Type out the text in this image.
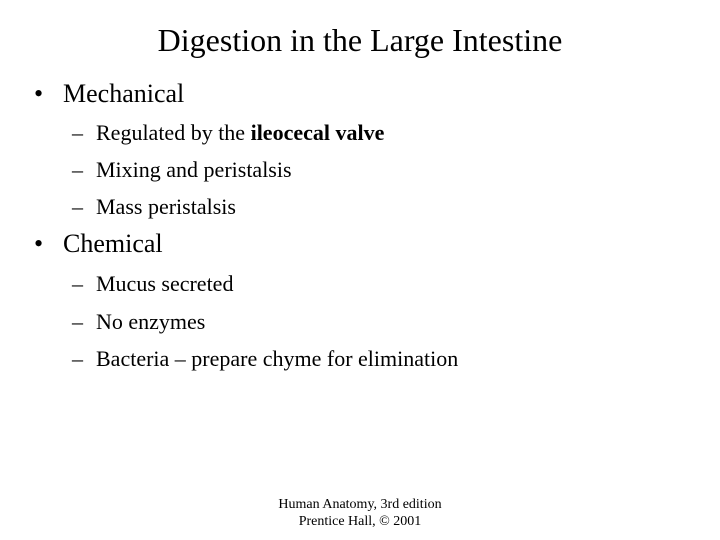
Digestion in the Large Intestine
• Mechanical
– Regulated by the ileocecal valve
– Mixing and peristalsis
– Mass peristalsis
• Chemical
– Mucus secreted
– No enzymes
– Bacteria – prepare chyme for elimination
Human Anatomy, 3rd edition
Prentice Hall, © 2001
